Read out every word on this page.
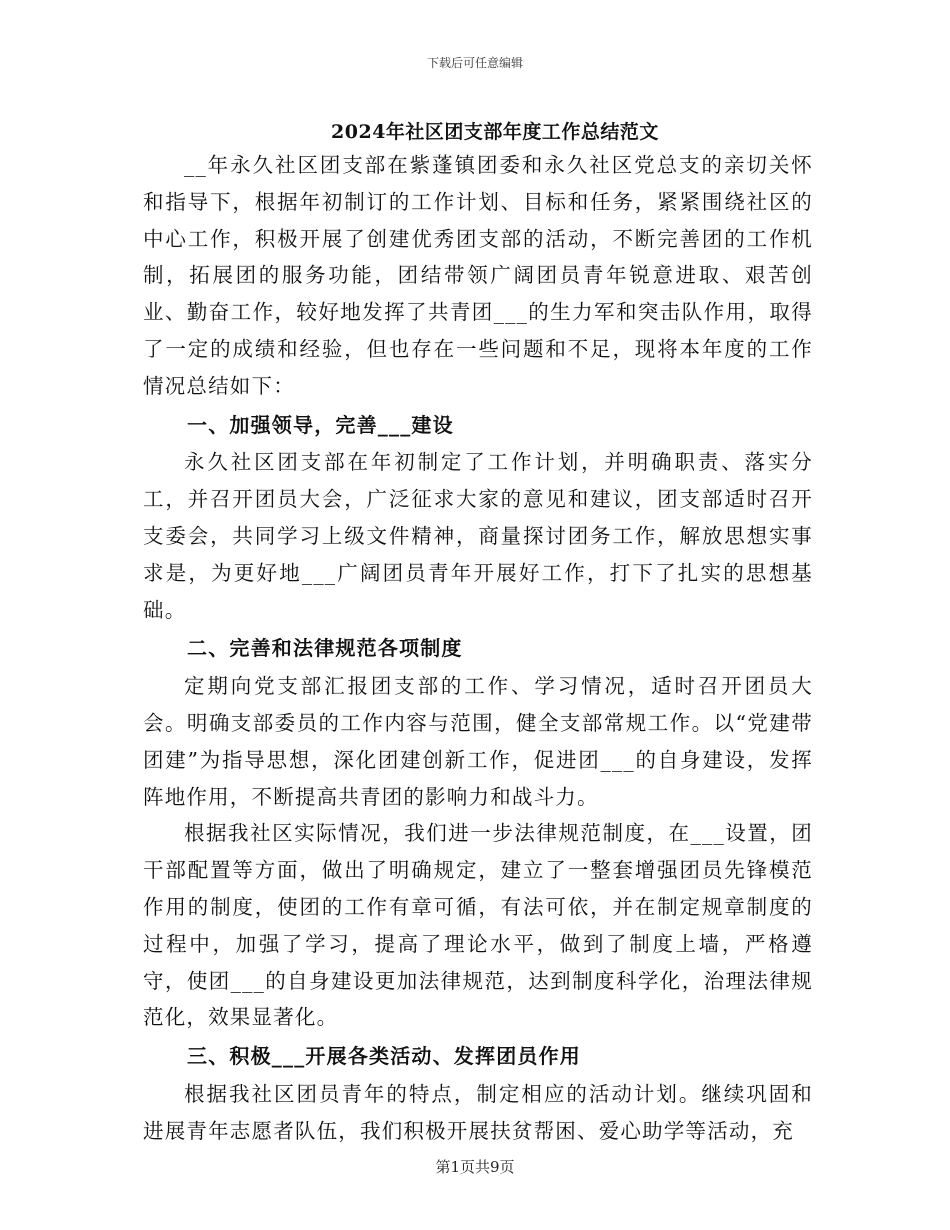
下载后可任意编辑
2024年社区团支部年度工作总结范文

__年永久社区团支部在紫蓬镇团委和永久社区党总支的亲切关怀和指导下，根据年初制订的工作计划、目标和任务，紧紧围绕社区的中心工作，积极开展了创建优秀团支部的活动，不断完善团的工作机制，拓展团的服务功能，团结带领广阔团员青年锐意进取、艰苦创业、勤奋工作，较好地发挥了共青团___的生力军和突击队作用，取得了一定的成绩和经验，但也存在一些问题和不足，现将本年度的工作情况总结如下：

一、加强领导，完善___建设

永久社区团支部在年初制定了工作计划，并明确职责、落实分工，并召开团员大会，广泛征求大家的意见和建议，团支部适时召开支委会，共同学习上级文件精神，商量探讨团务工作，解放思想实事求是，为更好地___广阔团员青年开展好工作，打下了扎实的思想基础。

二、完善和法律规范各项制度

定期向党支部汇报团支部的工作、学习情况，适时召开团员大会。明确支部委员的工作内容与范围，健全支部常规工作。以“党建带团建”为指导思想，深化团建创新工作，促进团___的自身建设，发挥阵地作用，不断提高共青团的影响力和战斗力。

根据我社区实际情况，我们进一步法律规范制度，在___设置，团干部配置等方面，做出了明确规定，建立了一整套增强团员先锋模范作用的制度，使团的工作有章可循，有法可依，并在制定规章制度的过程中，加强了学习，提高了理论水平，做到了制度上墙，严格遵守，使团___的自身建设更加法律规范，达到制度科学化，治理法律规范化，效果显著化。

三、积极___开展各类活动、发挥团员作用

根据我社区团员青年的特点，制定相应的活动计划。继续巩固和进展青年志愿者队伍，我们积极开展扶贫帮困、爱心助学等活动，充

第1页共9页
